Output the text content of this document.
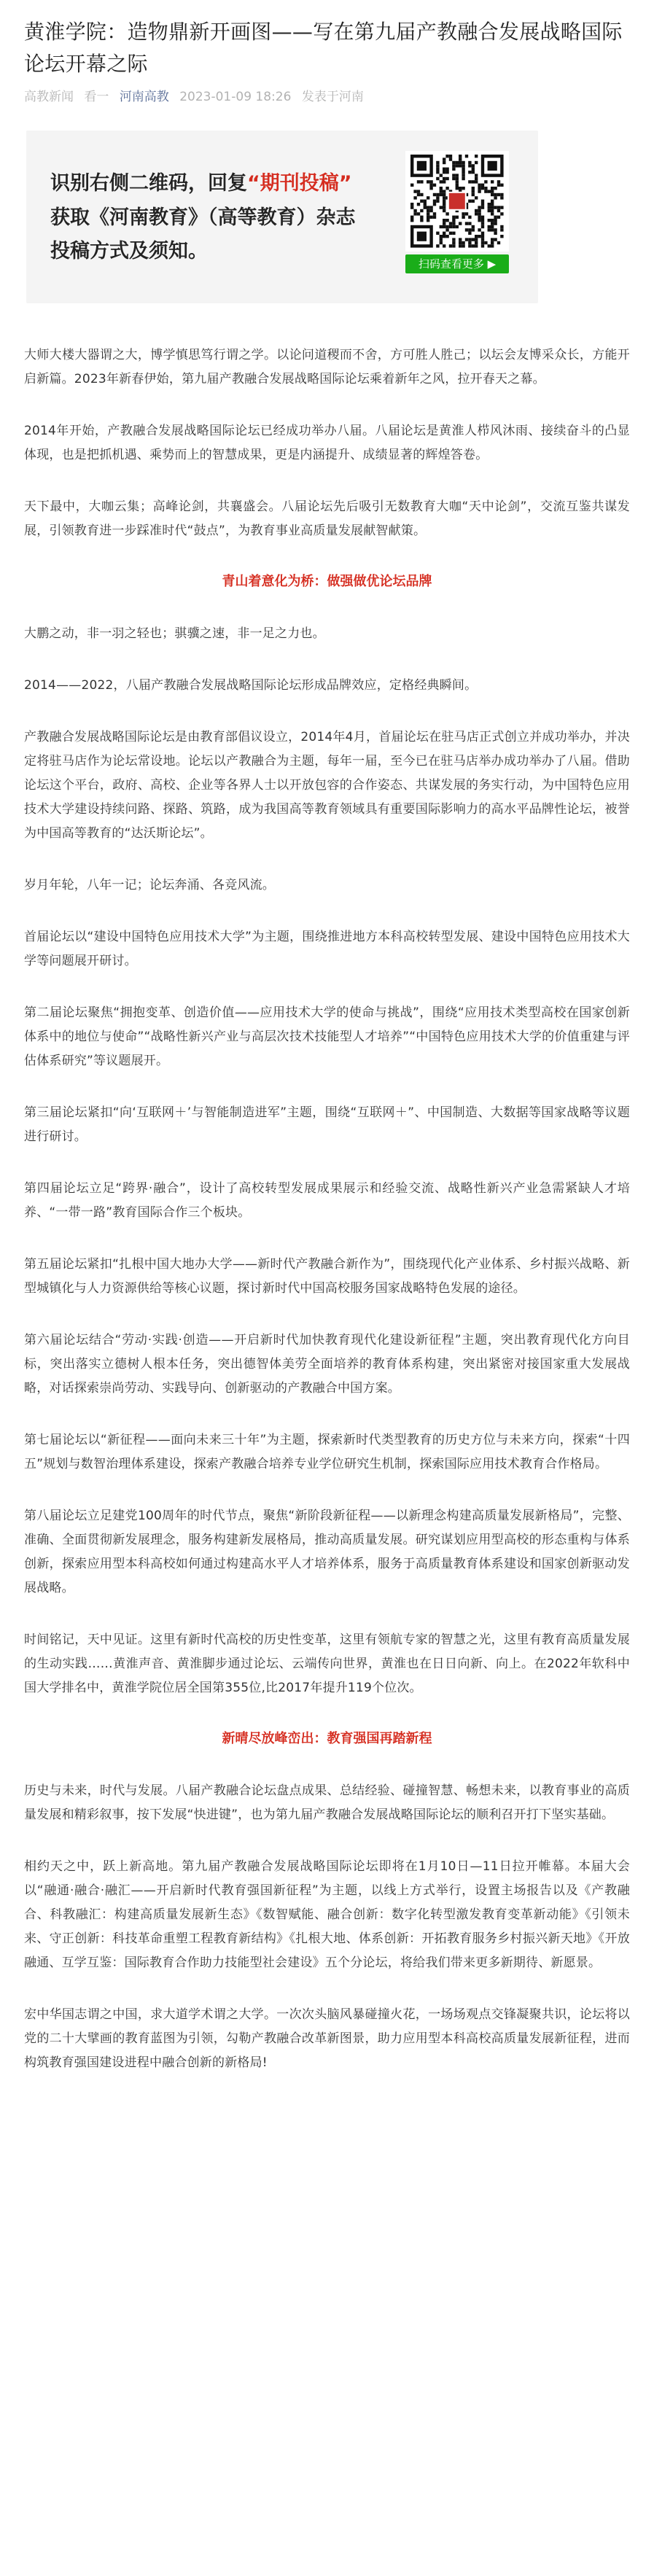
黄淮学院：造物鼎新开画图——写在第九届产教融合发展战略国际论坛开幕之际
高教新闻 看一 河南高教 2023-01-09 18:26 发表于河南
识别右侧二维码，回复“期刊投稿”
获取《河南教育》（高等教育）杂志
投稿方式及须知。
扫码查看更多 ▶

大师大楼大器谓之大，博学慎思笃行谓之学。以论问道稷而不舍，方可胜人胜己；以坛会友博采众长，方能开启新篇。2023年新春伊始，第九届产教融合发展战略国际论坛乘着新年之风，拉开春天之幕。

2014年开始，产教融合发展战略国际论坛已经成功举办八届。八届论坛是黄淮人栉风沐雨、接续奋斗的凸显体现，也是把抓机遇、乘势而上的智慧成果，更是内涵提升、成绩显著的辉煌答卷。

天下最中，大咖云集；高峰论剑，共襄盛会。八届论坛先后吸引无数教育大咖“天中论剑”，交流互鉴共谋发展，引领教育进一步踩准时代“鼓点”，为教育事业高质量发展献智献策。

青山着意化为桥：做强做优论坛品牌

大鹏之动，非一羽之轻也；骐骥之速，非一足之力也。

2014——2022，八届产教融合发展战略国际论坛形成品牌效应，定格经典瞬间。

产教融合发展战略国际论坛是由教育部倡议设立，2014年4月，首届论坛在驻马店正式创立并成功举办，并决定将驻马店作为论坛常设地。论坛以产教融合为主题，每年一届，至今已在驻马店举办成功举办了八届。借助论坛这个平台，政府、高校、企业等各界人士以开放包容的合作姿态、共谋发展的务实行动，为中国特色应用技术大学建设持续问路、探路、筑路，成为我国高等教育领域具有重要国际影响力的高水平品牌性论坛，被誉为中国高等教育的“达沃斯论坛”。

岁月年轮，八年一记；论坛奔涌、各竞风流。

首届论坛以“建设中国特色应用技术大学”为主题，围绕推进地方本科高校转型发展、建设中国特色应用技术大学等问题展开研讨。

第二届论坛聚焦“拥抱变革、创造价值——应用技术大学的使命与挑战”，围绕“应用技术类型高校在国家创新体系中的地位与使命”“战略性新兴产业与高层次技术技能型人才培养”“中国特色应用技术大学的价值重建与评估体系研究”等议题展开。

第三届论坛紧扣“向‘互联网＋’与智能制造进军”主题，围绕“互联网＋”、中国制造、大数据等国家战略等议题进行研讨。

第四届论坛立足“跨界·融合”，设计了高校转型发展成果展示和经验交流、战略性新兴产业急需紧缺人才培养、“一带一路”教育国际合作三个板块。

第五届论坛紧扣“扎根中国大地办大学——新时代产教融合新作为”，围绕现代化产业体系、乡村振兴战略、新型城镇化与人力资源供给等核心议题，探讨新时代中国高校服务国家战略特色发展的途径。

第六届论坛结合“劳动·实践·创造——开启新时代加快教育现代化建设新征程”主题，突出教育现代化方向目标，突出落实立德树人根本任务，突出德智体美劳全面培养的教育体系构建，突出紧密对接国家重大发展战略，对话探索崇尚劳动、实践导向、创新驱动的产教融合中国方案。

第七届论坛以“新征程——面向未来三十年”为主题，探索新时代类型教育的历史方位与未来方向，探索“十四五”规划与数智治理体系建设，探索产教融合培养专业学位研究生机制，探索国际应用技术教育合作格局。

第八届论坛立足建党100周年的时代节点，聚焦“新阶段新征程——以新理念构建高质量发展新格局”，完整、准确、全面贯彻新发展理念，服务构建新发展格局，推动高质量发展。研究谋划应用型高校的形态重构与体系创新，探索应用型本科高校如何通过构建高水平人才培养体系，服务于高质量教育体系建设和国家创新驱动发展战略。

时间铭记，天中见证。这里有新时代高校的历史性变革，这里有领航专家的智慧之光，这里有教育高质量发展的生动实践……黄淮声音、黄淮脚步通过论坛、云端传向世界，黄淮也在日日向新、向上。在2022年软科中国大学排名中，黄淮学院位居全国第355位,比2017年提升119个位次。

新晴尽放峰峦出：教育强国再踏新程

历史与未来，时代与发展。八届产教融合论坛盘点成果、总结经验、碰撞智慧、畅想未来，以教育事业的高质量发展和精彩叙事，按下发展“快进键”，也为第九届产教融合发展战略国际论坛的顺利召开打下坚实基础。

相约天之中，跃上新高地。第九届产教融合发展战略国际论坛即将在1月10日—11日拉开帷幕。本届大会以“融通·融合·融汇——开启新时代教育强国新征程”为主题，以线上方式举行，设置主场报告以及《产教融合、科教融汇：构建高质量发展新生态》《数智赋能、融合创新：数字化转型激发教育变革新动能》《引领未来、守正创新：科技革命重塑工程教育新结构》《扎根大地、体系创新：开拓教育服务乡村振兴新天地》《开放融通、互学互鉴：国际教育合作助力技能型社会建设》五个分论坛，将给我们带来更多新期待、新愿景。

宏中华国志谓之中国，求大道学术谓之大学。一次次头脑风暴碰撞火花，一场场观点交锋凝聚共识，论坛将以党的二十大擘画的教育蓝图为引领，勾勒产教融合改革新图景，助力应用型本科高校高质量发展新征程，进而构筑教育强国建设进程中融合创新的新格局!
